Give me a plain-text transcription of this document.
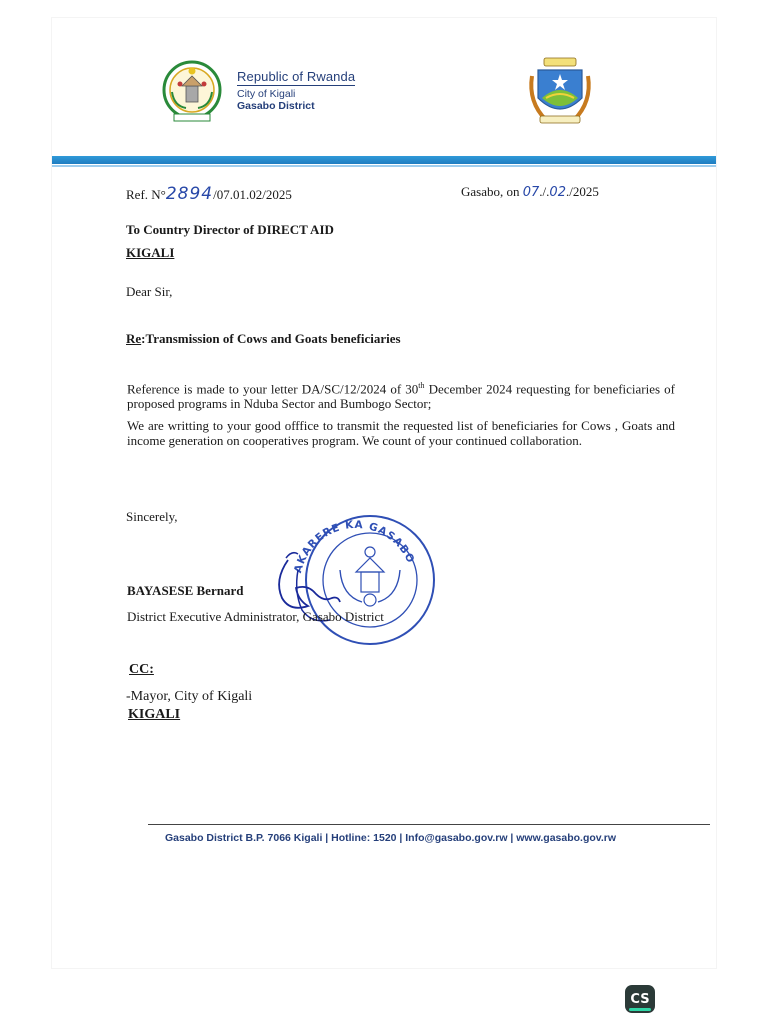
Republic of Rwanda
City of Kigali
Gasabo District
Ref. N°2894/07.01.02/2025	Gasabo, on 07./.02./2025
To Country Director of DIRECT AID
KIGALI
Dear Sir,
Re:Transmission of Cows and Goats beneficiaries
Reference is made to your letter DA/SC/12/2024 of 30th December 2024 requesting for beneficiaries of proposed programs in Nduba Sector and Bumbogo Sector;
We are writting to your good offfice to transmit the requested list of beneficiaries for Cows , Goats and income generation on cooperatives program. We count of your continued collaboration.
Sincerely,
AKARERE KA GASABO
BAYASESE Bernard
District Executive Administrator, Gasabo District
CC:
-Mayor, City of Kigali
KIGALI
Gasabo District B.P. 7066 Kigali | Hotline: 1520 | Info@gasabo.gov.rw | www.gasabo.gov.rw
CS
